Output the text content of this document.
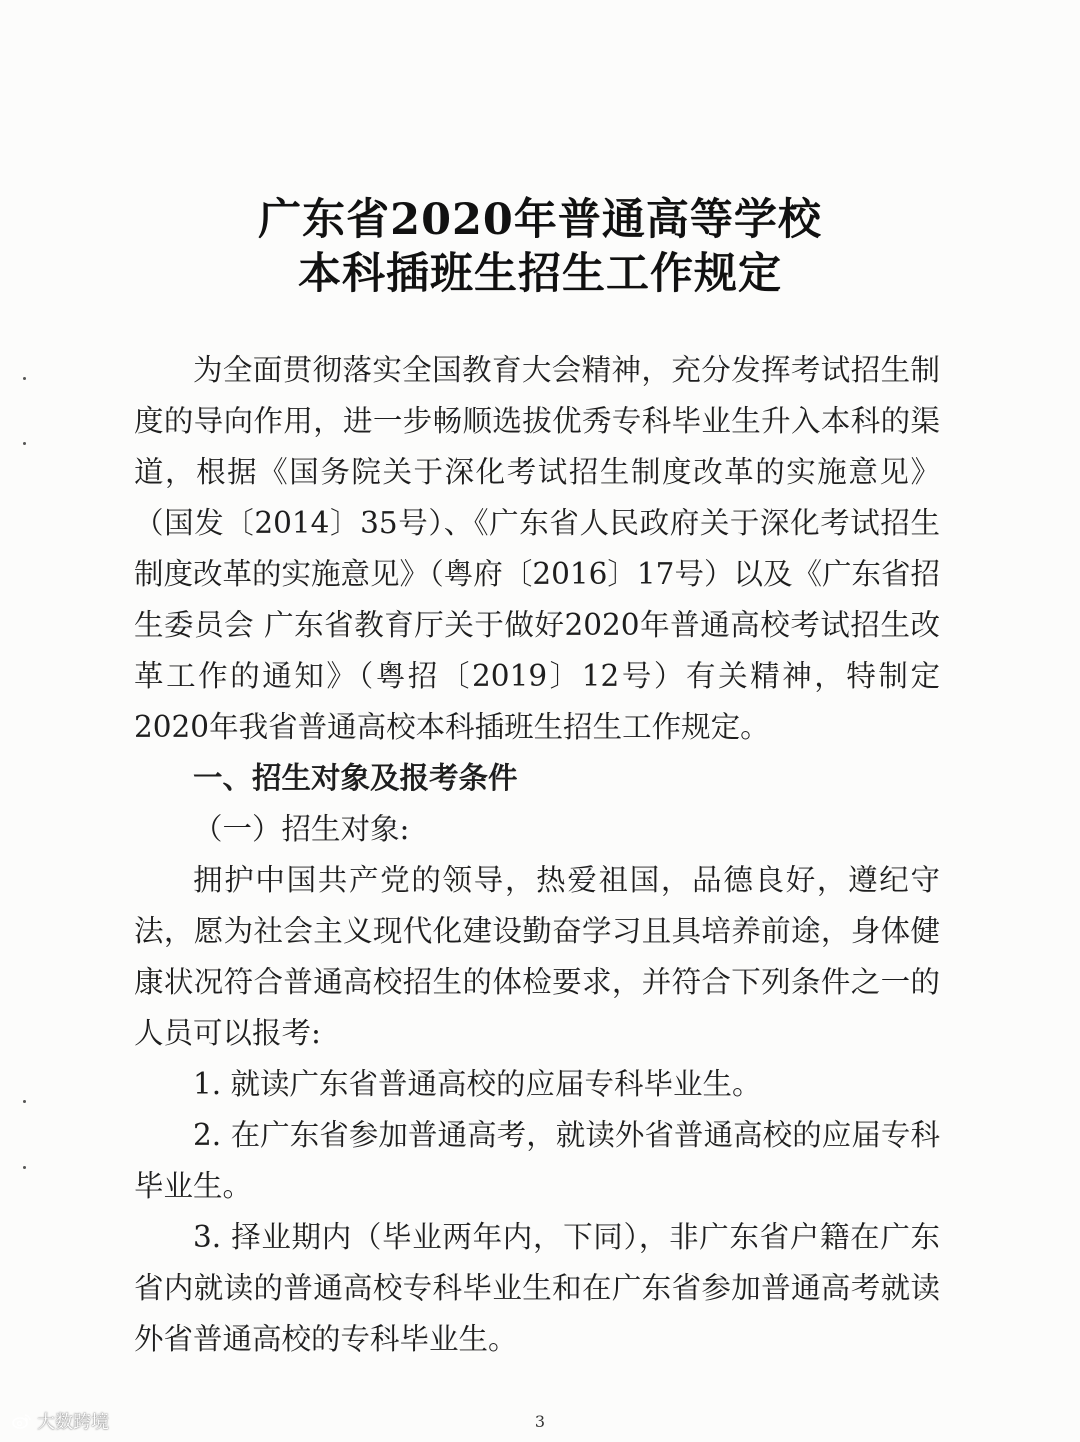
广东省2020年普通高等学校
本科插班生招生工作规定

为全面贯彻落实全国教育大会精神，充分发挥考试招生制度的导向作用，进一步畅顺选拔优秀专科毕业生升入本科的渠道，根据《国务院关于深化考试招生制度改革的实施意见》（国发〔2014〕35号）、《广东省人民政府关于深化考试招生制度改革的实施意见》（粤府〔2016〕17号）以及《广东省招生委员会 广东省教育厅关于做好2020年普通高校考试招生改革工作的通知》（粤招〔2019〕12号）有关精神，特制定2020年我省普通高校本科插班生招生工作规定。

一、招生对象及报考条件

（一）招生对象:

拥护中国共产党的领导，热爱祖国，品德良好，遵纪守法，愿为社会主义现代化建设勤奋学习且具培养前途，身体健康状况符合普通高校招生的体检要求，并符合下列条件之一的人员可以报考:

1. 就读广东省普通高校的应届专科毕业生。

2. 在广东省参加普通高考，就读外省普通高校的应届专科毕业生。

3. 择业期内（毕业两年内，下同），非广东省户籍在广东省内就读的普通高校专科毕业生和在广东省参加普通高考就读外省普通高校的专科毕业生。

3
大数跨境
